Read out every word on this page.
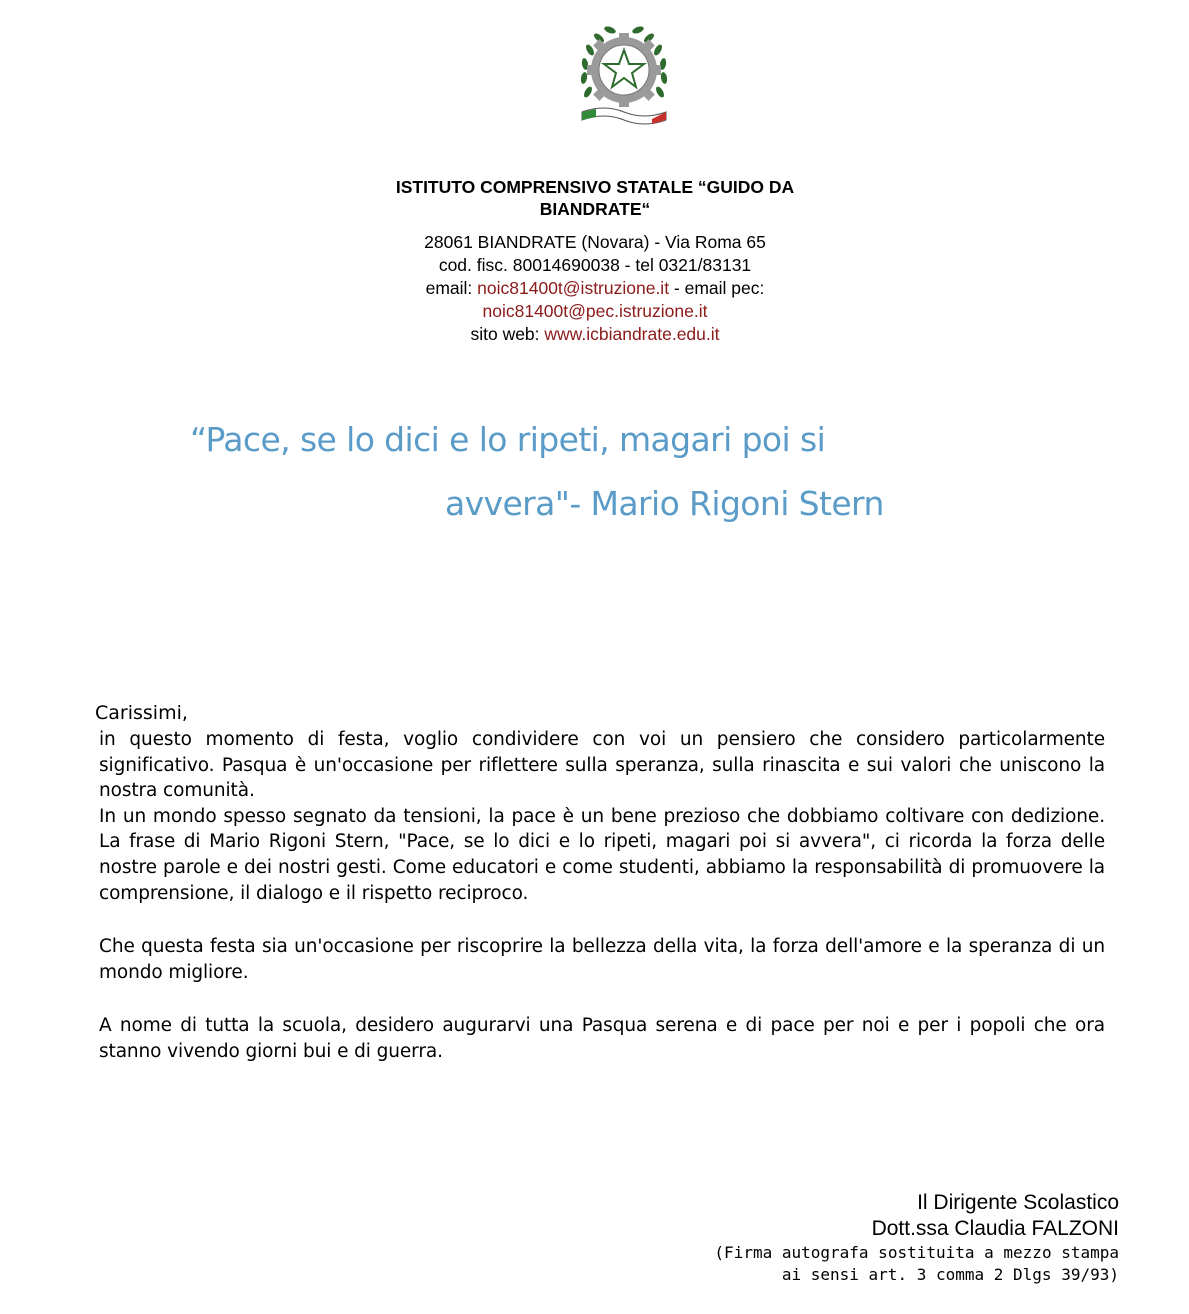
ISTITUTO COMPRENSIVO STATALE “GUIDO DA
BIANDRATE“
28061 BIANDRATE (Novara) - Via Roma 65
cod. fisc. 80014690038 - tel 0321/83131
email: noic81400t@istruzione.it - email pec:
noic81400t@pec.istruzione.it
sito web: www.icbiandrate.edu.it
“Pace, se lo dici e lo ripeti, magari poi si
avvera"- Mario Rigoni Stern
Carissimi,

in questo momento di festa, voglio condividere con voi un pensiero che considero particolarmente significativo. Pasqua è un'occasione per riflettere sulla speranza, sulla rinascita e sui valori che uniscono la nostra comunità.

In un mondo spesso segnato da tensioni, la pace è un bene prezioso che dobbiamo coltivare con dedizione. La frase di Mario Rigoni Stern, "Pace, se lo dici e lo ripeti, magari poi si avvera", ci ricorda la forza delle nostre parole e dei nostri gesti. Come educatori e come studenti, abbiamo la responsabilità di promuovere la comprensione, il dialogo e il rispetto reciproco.

Che questa festa sia un'occasione per riscoprire la bellezza della vita, la forza dell'amore e la speranza di un mondo migliore.

A nome di tutta la scuola, desidero augurarvi una Pasqua serena e di pace per noi e per i popoli che ora stanno vivendo giorni bui e di guerra.

Il Dirigente Scolastico
Dott.ssa Claudia FALZONI
(Firma autografa sostituita a mezzo stampa
ai sensi art. 3 comma 2 Dlgs 39/93)
